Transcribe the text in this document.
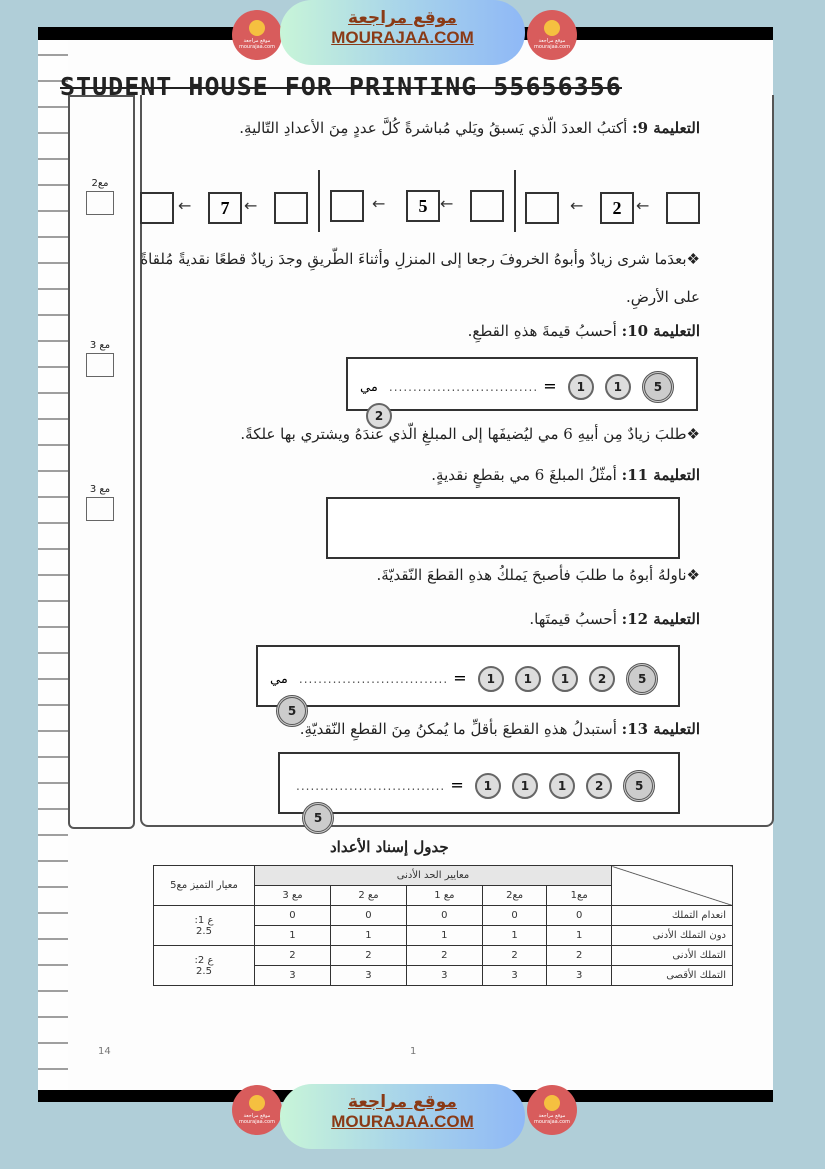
موقع مراجعة mourajaa.com
موقع مراجعة
MOURAJAA.COM	موقع مراجعة mourajaa.com
STUDENT HOUSE FOR PRINTING 55656356
مع2
مع 3
مع 3
التعليمة 9: أكتبُ العددَ الّذي يَسبقُ ويَلي مُباشرةً كُلَّ عددٍ مِنَ الأعدادِ التّاليةِ.
←
2
←
←
5
←
←
7
←
❖بعدَما شرى زيادٌ وأبوهُ الخروفَ رجعا إلى المنزلِ وأثناءَ الطّريقِ وجدَ زيادٌ قطعًا نقديةً مُلقاةً على الأرضِ.
التعليمة 10: أحسبُ قيمةَ هذهِ القطعِ.
مي ............................... = 1 1	5 2
❖طلبَ زيادٌ مِن أبيهِ 6 مي ليُضيفَها إلى المبلغِ الّذي عندَهُ ويشتري بها علكةً.
التعليمة 11: أمثّلُ المبلغَ 6 مي بقطعٍ نقديةٍ.
❖ناولهُ أبوهُ ما طلبَ فأصبحَ يَملكُ هذهِ القطعَ النّقديّةَ.
التعليمة 12: أحسبُ قيمتَها.
مي ............................... = 1 1 1 2	5 5
التعليمة 13: أستبدلُ هذهِ القطعَ بأقلِّ ما يُمكنُ مِنَ القطعِ النّقديّةِ.
............................... = 1 1 1 2	5 5
جدول إسناد الأعداد
	معايير الحد الأدنى					معيار التميز مع5
	مع1	مع2	مع 1	مع 2	مع 3	
انعدام التملك	0	0	0	0	0	ع 1:
2.5
دون التملك الأدنى	1	1	1	1	1	
التملك الأدنى	2	2	2	2	2	ع 2:
2.5
التملك الأقصى	3	3	3	3	3	
14	1
موقع مراجعة mourajaa.com
موقع مراجعة
MOURAJAA.COM	موقع مراجعة mourajaa.com
